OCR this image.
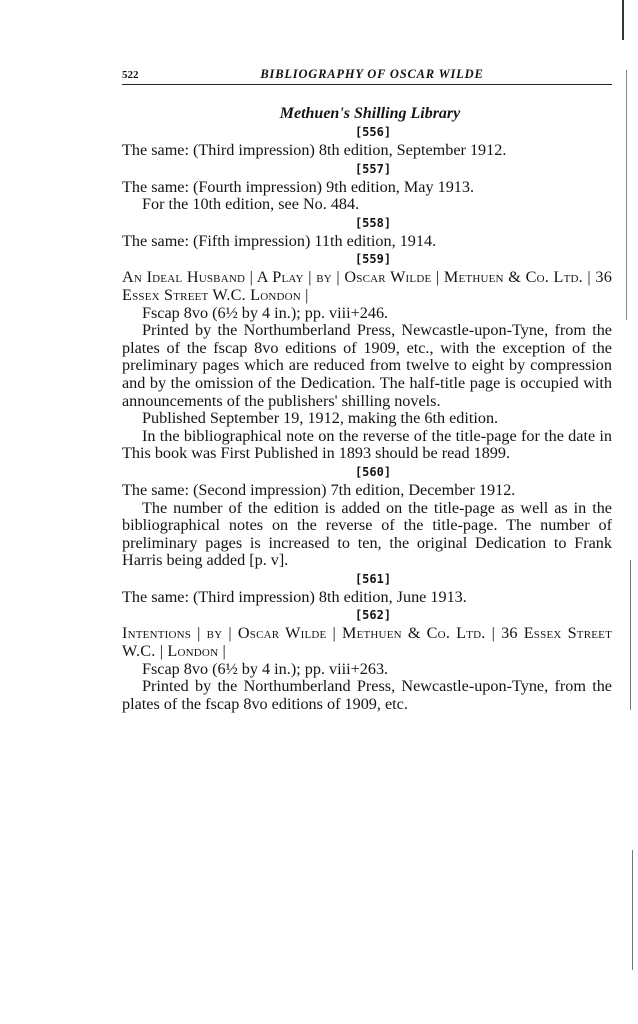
522	BIBLIOGRAPHY OF OSCAR WILDE
Methuen's Shilling Library
[556]

The same: (Third impression) 8th edition, September 1912.

[557]

The same: (Fourth impression) 9th edition, May 1913.

For the 10th edition, see No. 484.

[558]

The same: (Fifth impression) 11th edition, 1914.

[559]

An Ideal Husband | A Play | by | Oscar Wilde | Methuen & Co. Ltd. | 36 Essex Street W.C. London |

Fscap 8vo (6½ by 4 in.); pp. viii+246.

Printed by the Northumberland Press, Newcastle-upon-Tyne, from the plates of the fscap 8vo editions of 1909, etc., with the exception of the preliminary pages which are reduced from twelve to eight by compression and by the omission of the Dedication. The half-title page is occupied with announcements of the publishers' shilling novels.

Published September 19, 1912, making the 6th edition.

In the bibliographical note on the reverse of the title-page for the date in This book was First Published in 1893 should be read 1899.

[560]

The same: (Second impression) 7th edition, December 1912.

The number of the edition is added on the title-page as well as in the bibliographical notes on the reverse of the title-page. The number of preliminary pages is increased to ten, the original Dedication to Frank Harris being added [p. v].

[561]

The same: (Third impression) 8th edition, June 1913.

[562]

Intentions | by | Oscar Wilde | Methuen & Co. Ltd. | 36 Essex Street W.C. | London |

Fscap 8vo (6½ by 4 in.); pp. viii+263.

Printed by the Northumberland Press, Newcastle-upon-Tyne, from the plates of the fscap 8vo editions of 1909, etc.
